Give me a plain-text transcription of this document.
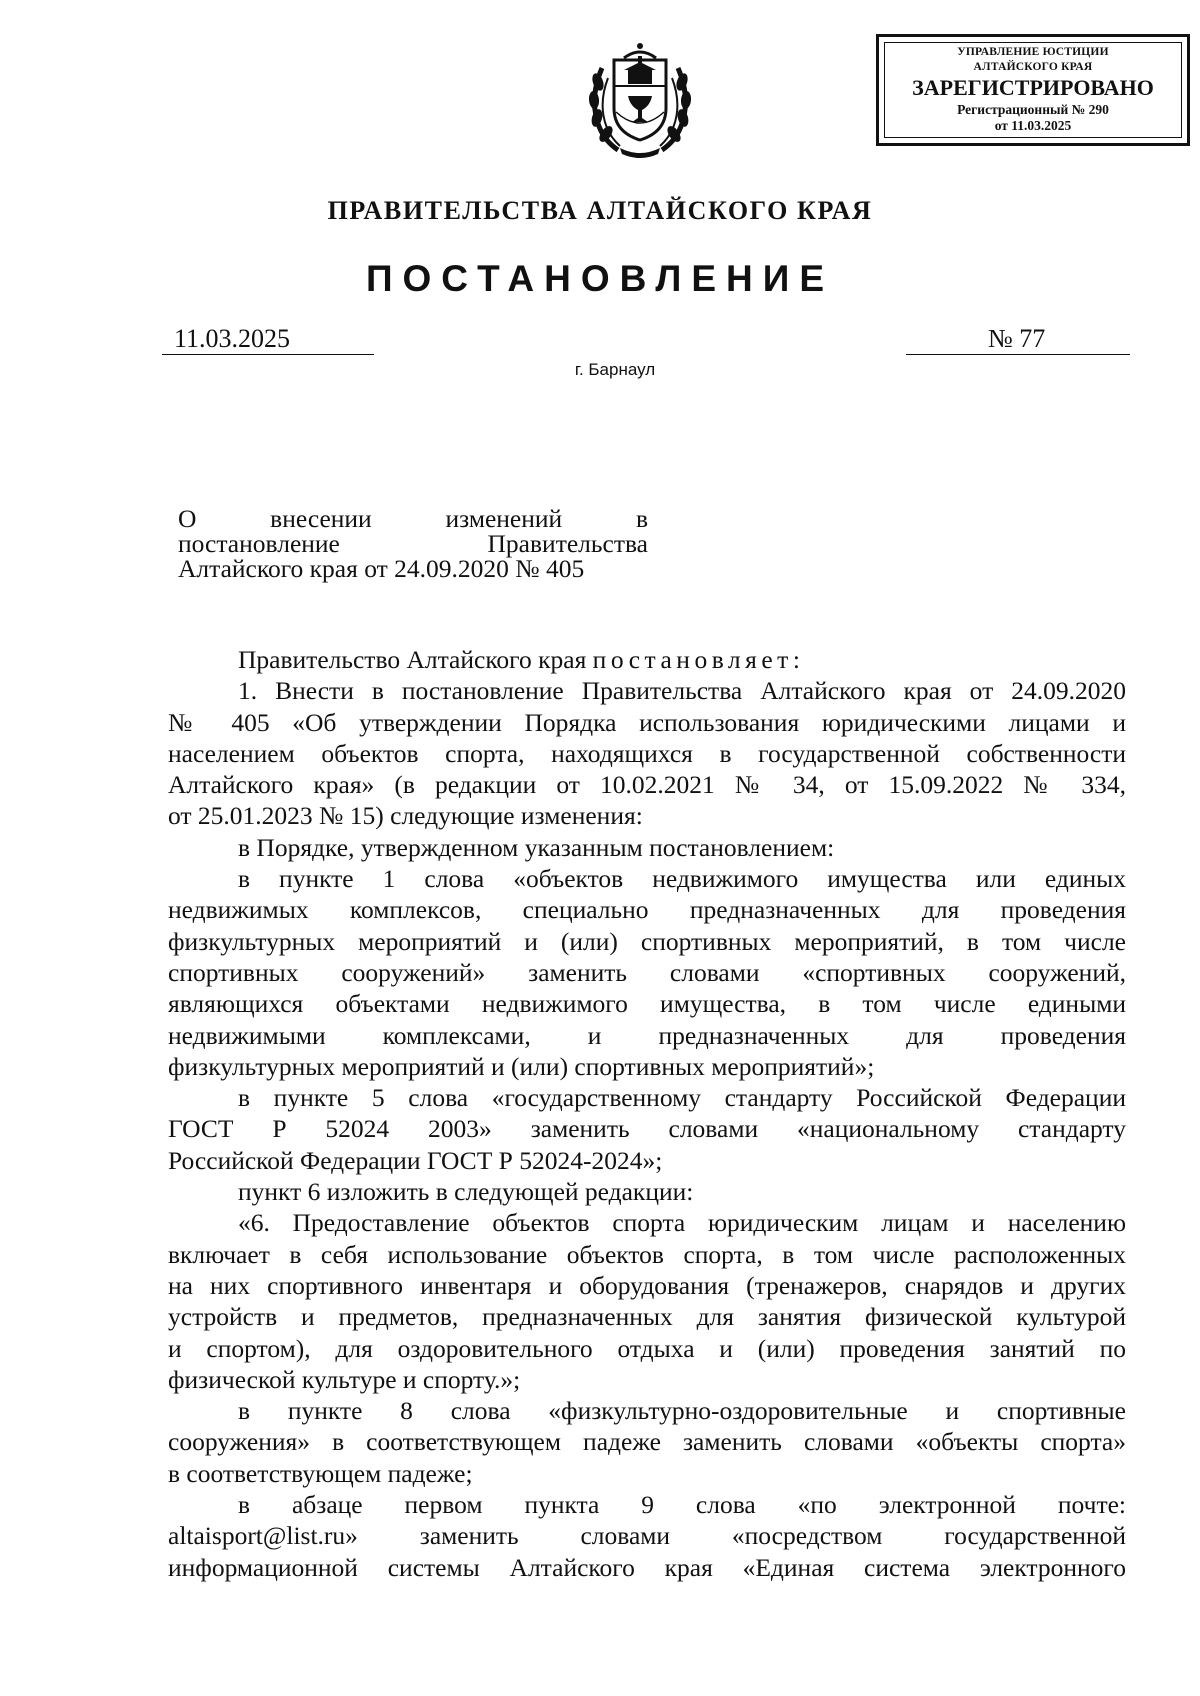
УПРАВЛЕНИЕ ЮСТИЦИИ
АЛТАЙСКОГО КРАЯ
ЗАРЕГИСТРИРОВАНО
Регистрационный № 290
от 11.03.2025
ПРАВИТЕЛЬСТВА АЛТАЙСКОГО КРАЯ
ПОСТАНОВЛЕНИЕ
11.03.2025	№ 77
г. Барнаул
О внесении изменений в
постановление Правительства
Алтайского края от 24.09.2020 № 405
Правительство Алтайского края постановляет:
1. Внести в постановление Правительства Алтайского края от 24.09.2020
№ 405 «Об утверждении Порядка использования юридическими лицами и
населением объектов спорта, находящихся в государственной собственности
Алтайского края» (в редакции от 10.02.2021 № 34, от 15.09.2022 № 334,
от 25.01.2023 № 15) следующие изменения:
в Порядке, утвержденном указанным постановлением:
в пункте 1 слова «объектов недвижимого имущества или единых
недвижимых комплексов, специально предназначенных для проведения
физкультурных мероприятий и (или) спортивных мероприятий, в том числе
спортивных сооружений» заменить словами «спортивных сооружений,
являющихся объектами недвижимого имущества, в том числе едиными
недвижимыми комплексами, и предназначенных для проведения
физкультурных мероприятий и (или) спортивных мероприятий»;
в пункте 5 слова «государственному стандарту Российской Федерации
ГОСТ Р 52024 2003» заменить словами «национальному стандарту
Российской Федерации ГОСТ Р 52024-2024»;
пункт 6 изложить в следующей редакции:
«6. Предоставление объектов спорта юридическим лицам и населению
включает в себя использование объектов спорта, в том числе расположенных
на них спортивного инвентаря и оборудования (тренажеров, снарядов и других
устройств и предметов, предназначенных для занятия физической культурой
и спортом), для оздоровительного отдыха и (или) проведения занятий по
физической культуре и спорту.»;
в пункте 8 слова «физкультурно-оздоровительные и спортивные
сооружения» в соответствующем падеже заменить словами «объекты спорта»
в соответствующем падеже;
в абзаце первом пункта 9 слова «по электронной почте:
altaisport@list.ru» заменить словами «посредством государственной
информационной системы Алтайского края «Единая система электронного
